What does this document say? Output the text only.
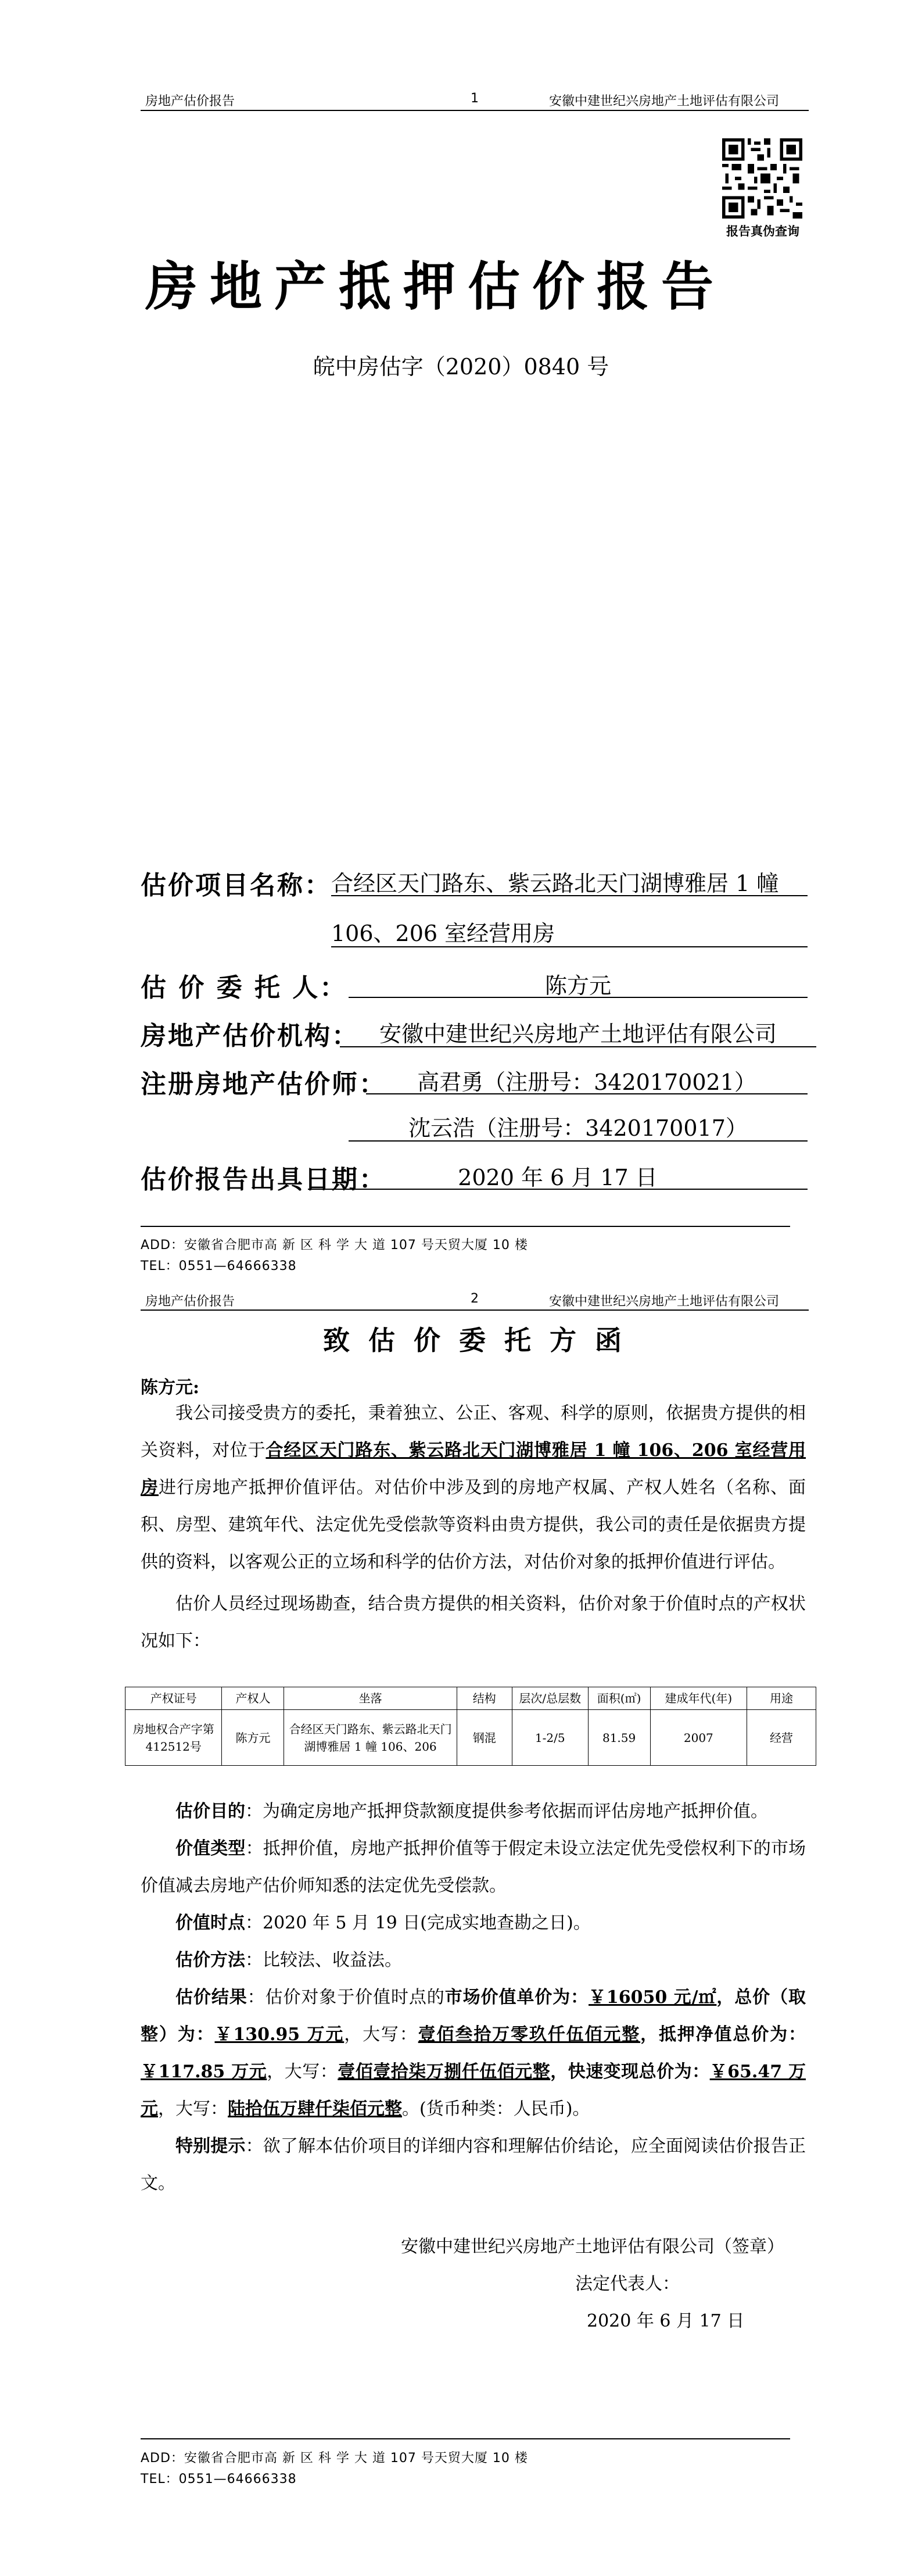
房地产估价报告	1	安徽中建世纪兴房地产土地评估有限公司
报告真伪查询
房地产抵押估价报告
皖中房估字（2020）0840 号
估价项目名称： 合经区天门路东、紫云路北天门湖博雅居 1 幢
106、206 室经营用房
估 价 委 托 人：	陈方元
房地产估价机构： 安徽中建世纪兴房地产土地评估有限公司
注册房地产估价师：	高君勇（注册号：3420170021）
沈云浩（注册号：3420170017）
估价报告出具日期：	2020 年 6 月 17 日
ADD：安徽省合肥市高 新 区 科 学 大 道 107 号天贸大厦 10 楼
TEL：0551—64666338
房地产估价报告	2	安徽中建世纪兴房地产土地评估有限公司
致 估 价 委 托 方 函
陈方元:

我公司接受贵方的委托，秉着独立、公正、客观、科学的原则，依据贵方提供的相关资料，对位于合经区天门路东、紫云路北天门湖博雅居 1 幢 106、206 室经营用房进行房地产抵押价值评估。对估价中涉及到的房地产权属、产权人姓名（名称、面积、房型、建筑年代、法定优先受偿款等资料由贵方提供，我公司的责任是依据贵方提供的资料，以客观公正的立场和科学的估价方法，对估价对象的抵押价值进行评估。

估价人员经过现场勘查，结合贵方提供的相关资料，估价对象于价值时点的产权状况如下：

产权证号	产权人	坐落	结构	层次/总层数	面积(㎡)	建成年代(年)	用途
房地权合产字第412512号	陈方元	合经区天门路东、紫云路北天门湖博雅居 1 幢 106、206	钢混	1-2/5	81.59	2007	经营

估价目的：为确定房地产抵押贷款额度提供参考依据而评估房地产抵押价值。

价值类型：抵押价值，房地产抵押价值等于假定未设立法定优先受偿权利下的市场价值减去房地产估价师知悉的法定优先受偿款。

价值时点：2020 年 5 月 19 日(完成实地查勘之日)。

估价方法：比较法、收益法。

估价结果：估价对象于价值时点的市场价值单价为：￥16050 元/㎡，总价（取整）为：￥130.95 万元，大写：壹佰叁拾万零玖仟伍佰元整，抵押净值总价为：￥117.85 万元，大写：壹佰壹拾柒万捌仟伍佰元整，快速变现总价为：￥65.47 万元，大写：陆拾伍万肆仟柒佰元整。(货币种类：人民币)。

特别提示：欲了解本估价项目的详细内容和理解估价结论，应全面阅读估价报告正文。

安徽中建世纪兴房地产土地评估有限公司（签章）
法定代表人：
2020 年 6 月 17 日
ADD：安徽省合肥市高 新 区 科 学 大 道 107 号天贸大厦 10 楼
TEL：0551—64666338
